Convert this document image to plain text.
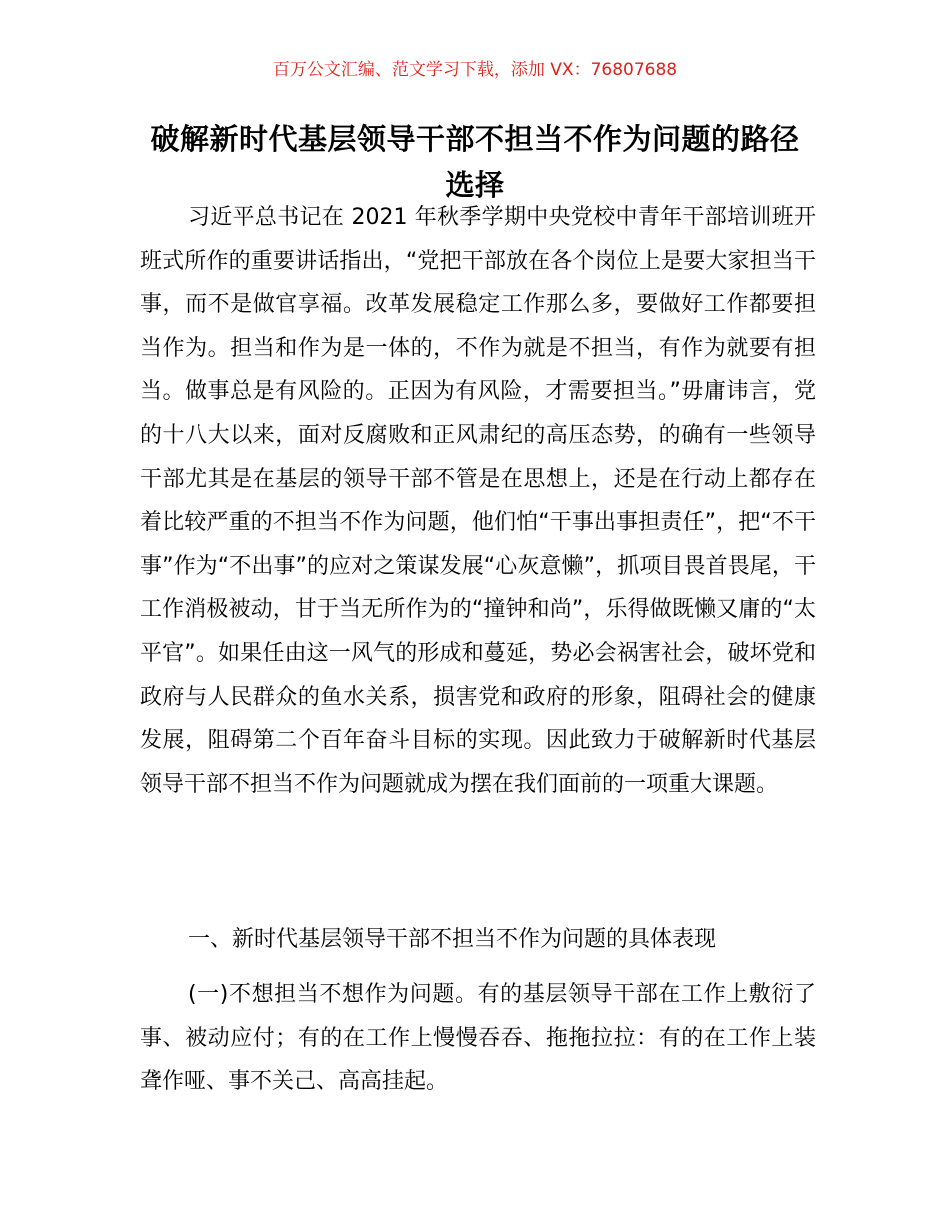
百万公文汇编、范文学习下载，添加 VX：76807688
破解新时代基层领导干部不担当不作为问题的路径选择

习近平总书记在 2021 年秋季学期中央党校中青年干部培训班开班式所作的重要讲话指出，“党把干部放在各个岗位上是要大家担当干事，而不是做官享福。改革发展稳定工作那么多，要做好工作都要担当作为。担当和作为是一体的，不作为就是不担当，有作为就要有担当。做事总是有风险的。正因为有风险，才需要担当。”毋庸讳言，党的十八大以来，面对反腐败和正风肃纪的高压态势，的确有一些领导干部尤其是在基层的领导干部不管是在思想上，还是在行动上都存在着比较严重的不担当不作为问题，他们怕“干事出事担责任”，把“不干事”作为“不出事”的应对之策谋发展“心灰意懒”，抓项目畏首畏尾，干工作消极被动，甘于当无所作为的“撞钟和尚”，乐得做既懒又庸的“太平官”。如果任由这一风气的形成和蔓延，势必会祸害社会，破坏党和政府与人民群众的鱼水关系，损害党和政府的形象，阻碍社会的健康发展，阻碍第二个百年奋斗目标的实现。因此致力于破解新时代基层领导干部不担当不作为问题就成为摆在我们面前的一项重大课题。

一、新时代基层领导干部不担当不作为问题的具体表现

(一)不想担当不想作为问题。有的基层领导干部在工作上敷衍了事、被动应付；有的在工作上慢慢吞吞、拖拖拉拉：有的在工作上装聋作哑、事不关己、高高挂起。
